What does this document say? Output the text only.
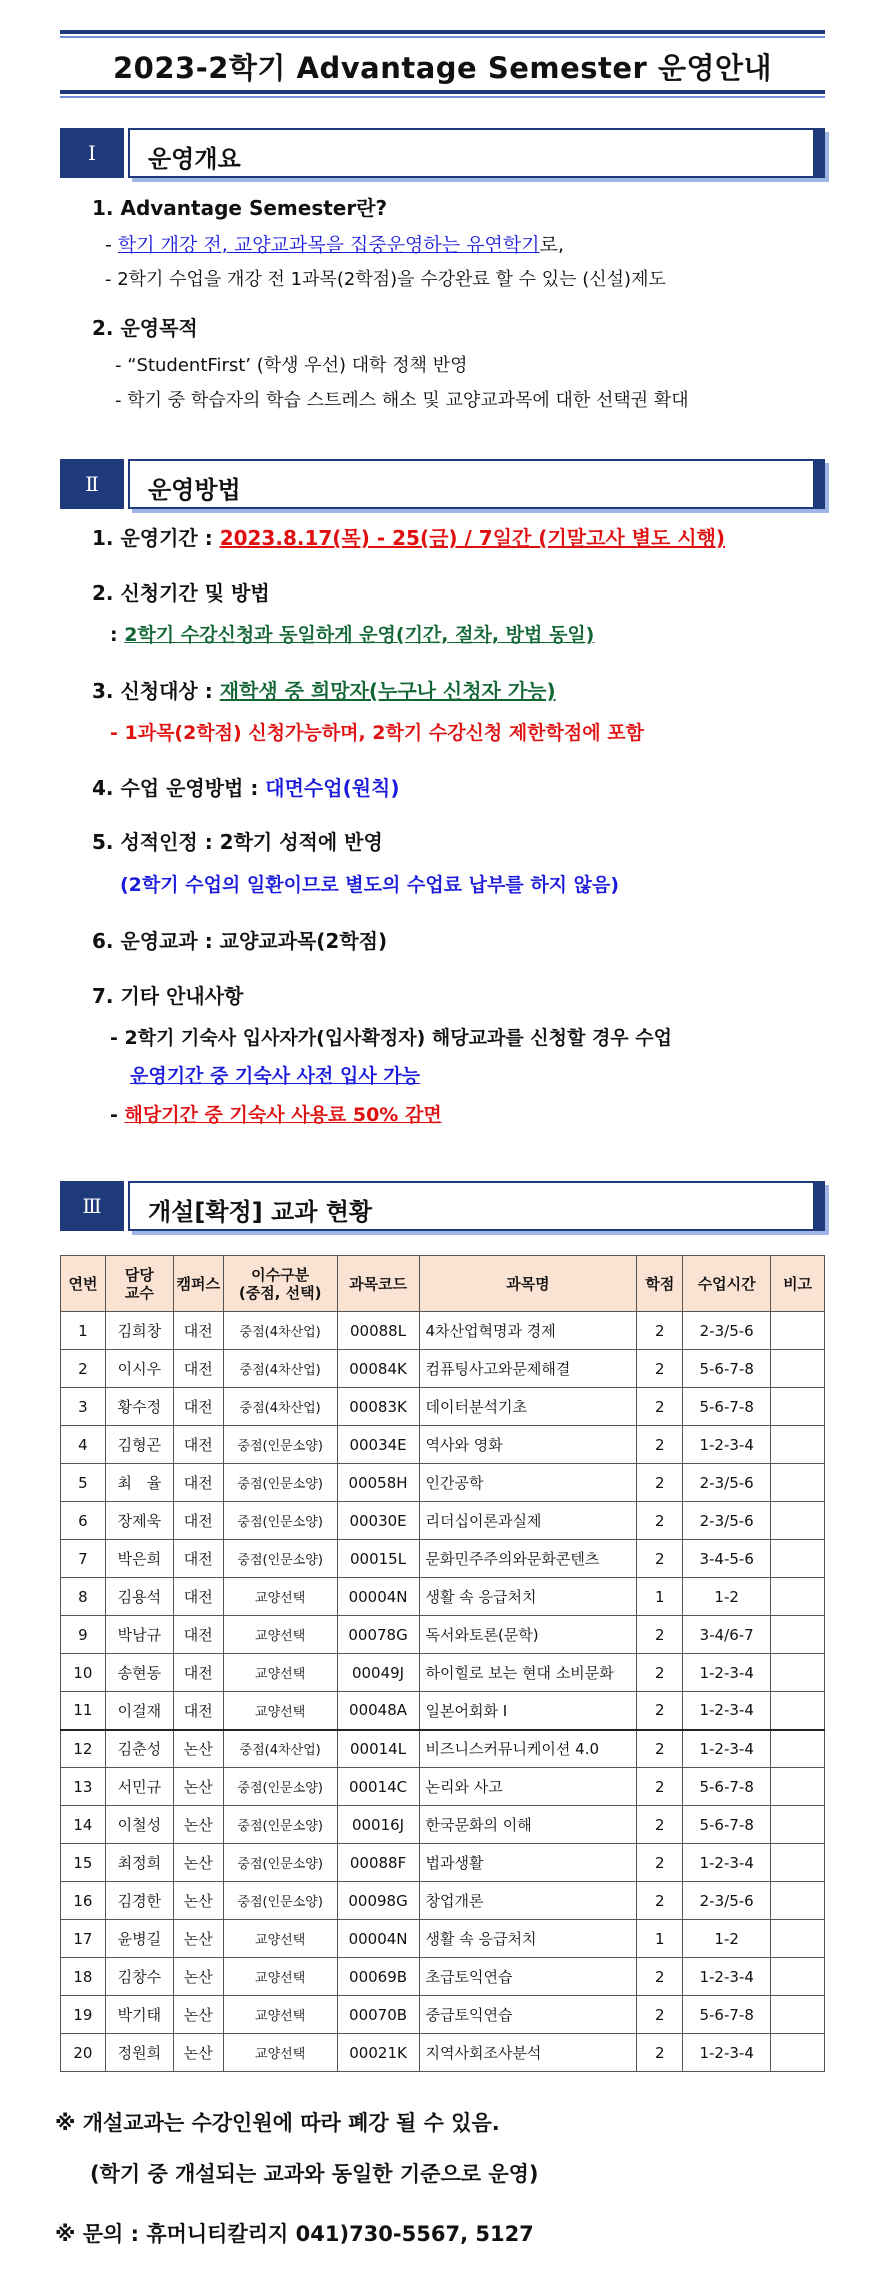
2023-2학기 Advantage Semester 운영안내
Ⅰ	운영개요
1. Advantage Semester란?
- 학기 개강 전, 교양교과목을 집중운영하는 유연학기로,
- 2학기 수업을 개강 전 1과목(2학점)을 수강완료 할 수 있는 (신설)제도
2. 운영목적
- “StudentFirst’ (학생 우선) 대학 정책 반영
- 학기 중 학습자의 학습 스트레스 해소 및 교양교과목에 대한 선택권 확대
Ⅱ	운영방법
1. 운영기간 : 2023.8.17(목) - 25(금) / 7일간 (기말고사 별도 시행)
2. 신청기간 및 방법
: 2학기 수강신청과 동일하게 운영(기간, 절차, 방법 동일)
3. 신청대상 : 재학생 중 희망자(누구나 신청자 가능)
- 1과목(2학점) 신청가능하며, 2학기 수강신청 제한학점에 포함
4. 수업 운영방법 : 대면수업(원칙)
5. 성적인정 : 2학기 성적에 반영
(2학기 수업의 일환이므로 별도의 수업료 납부를 하지 않음)
6. 운영교과 : 교양교과목(2학점)
7. 기타 안내사항
- 2학기 기숙사 입사자가(입사확정자) 해당교과를 신청할 경우 수업
운영기간 중 기숙사 사전 입사 가능
- 해당기간 중 기숙사 사용료 50% 감면
Ⅲ	개설[확정] 교과 현황
연번	담당
교수	캠퍼스	이수구분
(중점, 선택)	과목코드	과목명	학점	수업시간	비고
1	김희창	대전	중점(4차산업)	00088L	4차산업혁명과 경제	2	2-3/5-6	
2	이시우	대전	중점(4차산업)	00084K	컴퓨팅사고와문제해결	2	5-6-7-8	
3	황수정	대전	중점(4차산업)	00083K	데이터분석기초	2	5-6-7-8	
4	김형곤	대전	중점(인문소양)	00034E	역사와 영화	2	1-2-3-4	
5	최　율	대전	중점(인문소양)	00058H	인간공학	2	2-3/5-6	
6	장제욱	대전	중점(인문소양)	00030E	리더십이론과실제	2	2-3/5-6	
7	박은희	대전	중점(인문소양)	00015L	문화민주주의와문화콘텐츠	2	3-4-5-6	
8	김용석	대전	교양선택	00004N	생활 속 응급처치	1	1-2	
9	박남규	대전	교양선택	00078G	독서와토론(문학)	2	3-4/6-7	
10	송현동	대전	교양선택	00049J	하이힐로 보는 현대 소비문화	2	1-2-3-4	
11	이걸재	대전	교양선택	00048A	일본어회화 I	2	1-2-3-4	
12	김춘성	논산	중점(4차산업)	00014L	비즈니스커뮤니케이션 4.0	2	1-2-3-4	
13	서민규	논산	중점(인문소양)	00014C	논리와 사고	2	5-6-7-8	
14	이철성	논산	중점(인문소양)	00016J	한국문화의 이해	2	5-6-7-8	
15	최정희	논산	중점(인문소양)	00088F	법과생활	2	1-2-3-4	
16	김경한	논산	중점(인문소양)	00098G	창업개론	2	2-3/5-6	
17	윤병길	논산	교양선택	00004N	생활 속 응급처치	1	1-2	
18	김창수	논산	교양선택	00069B	초급토익연습	2	1-2-3-4	
19	박기태	논산	교양선택	00070B	중급토익연습	2	5-6-7-8	
20	정원희	논산	교양선택	00021K	지역사회조사분석	2	1-2-3-4	
※ 개설교과는 수강인원에 따라 폐강 될 수 있음.
(학기 중 개설되는 교과와 동일한 기준으로 운영)
※ 문의 : 휴머니티칼리지 041)730-5567, 5127
